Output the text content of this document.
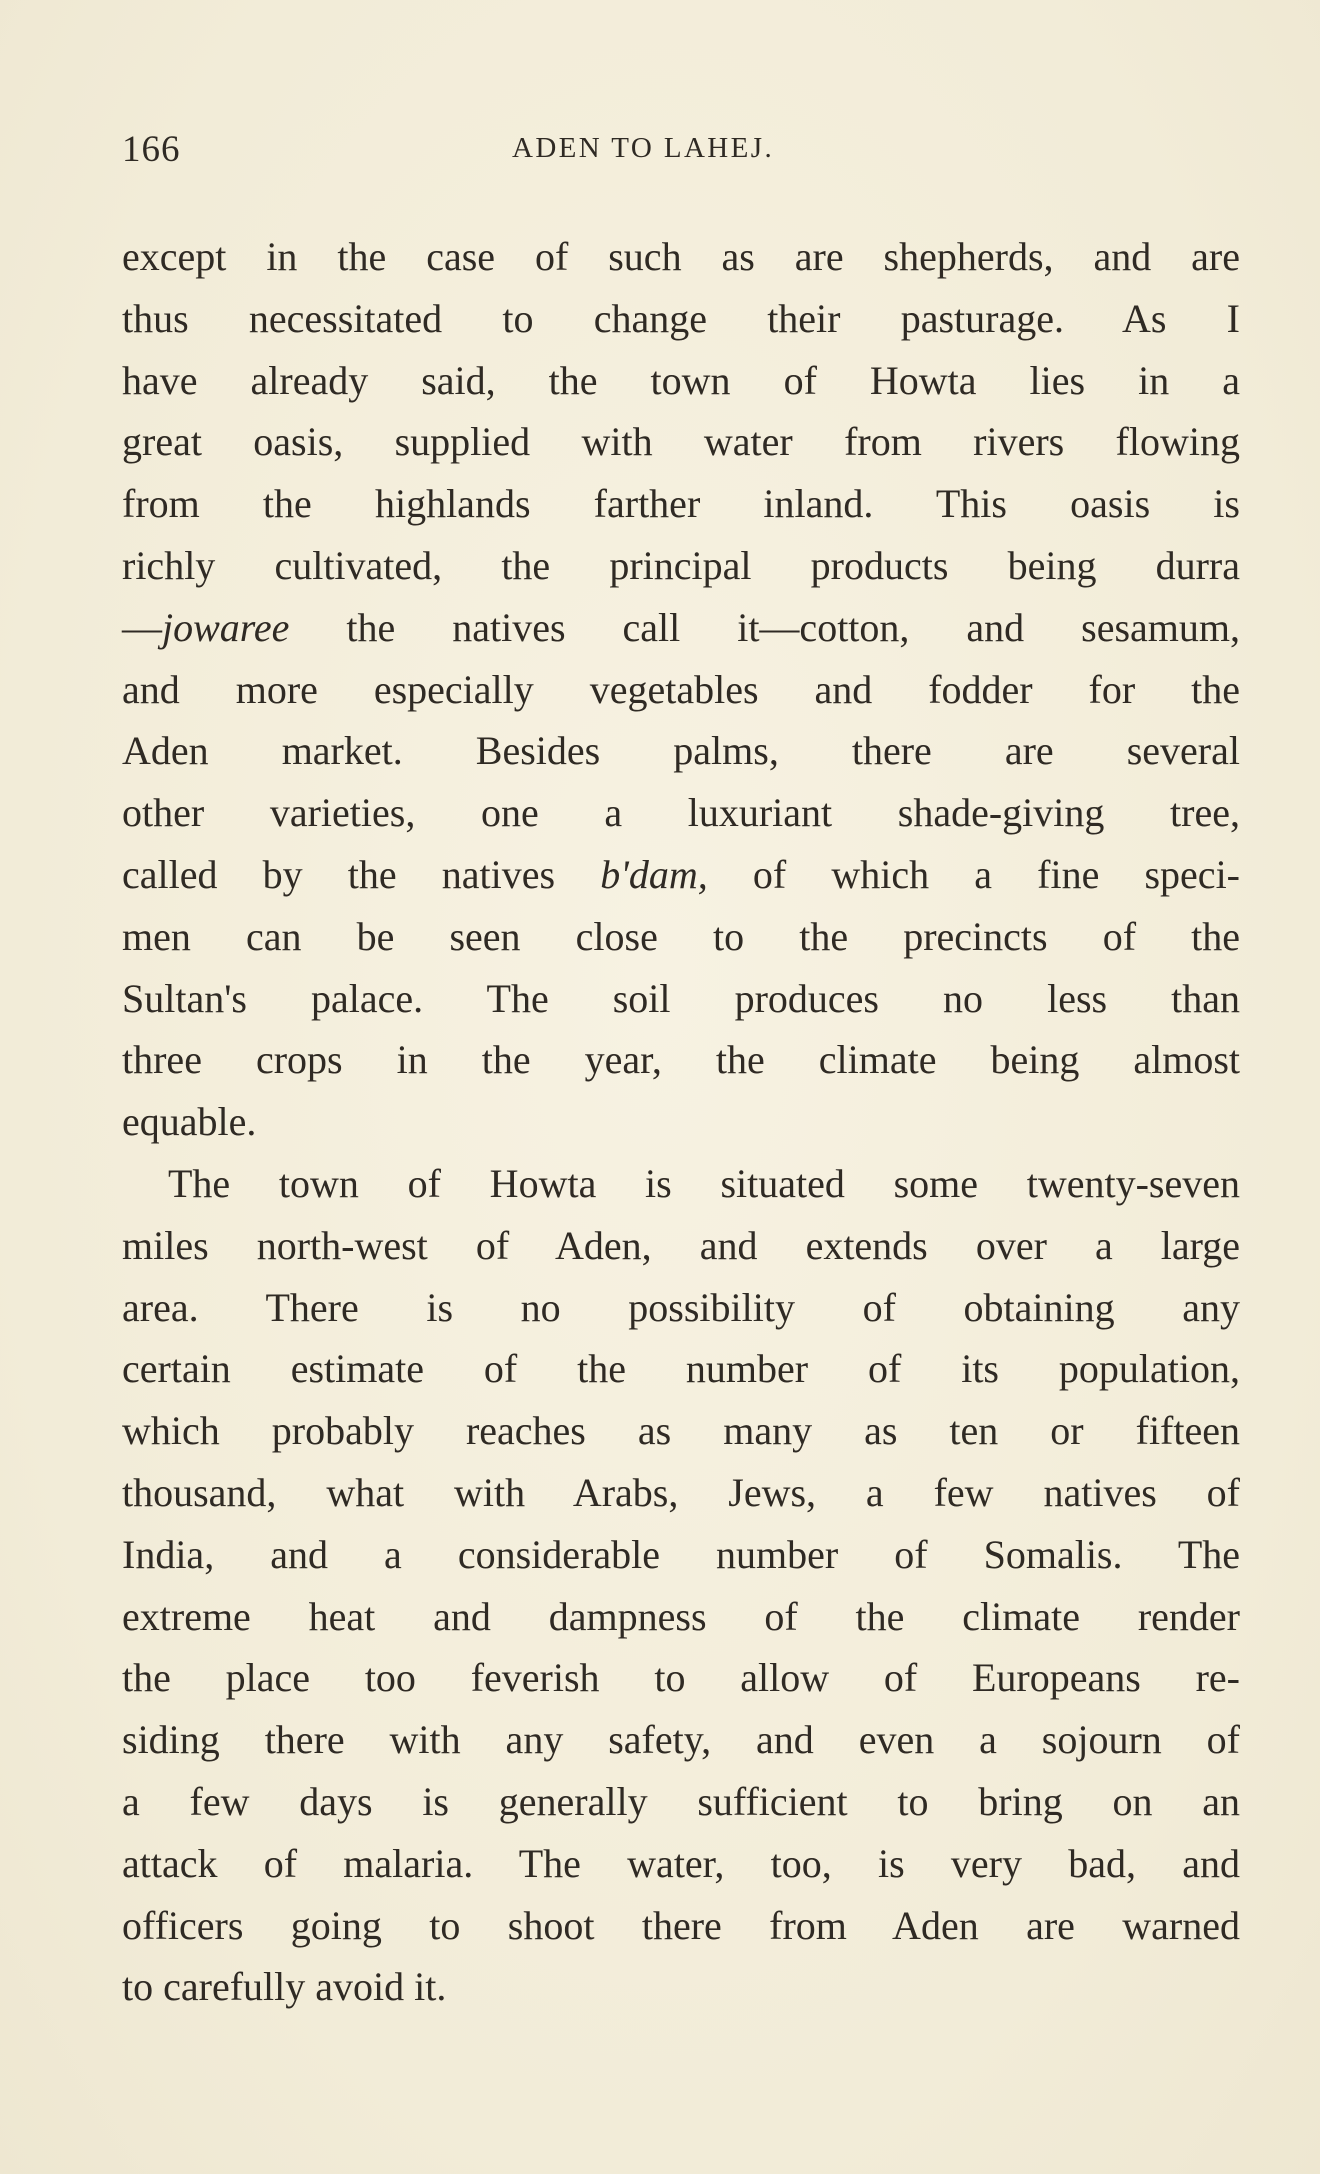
166	ADEN TO LAHEJ.
except in the case of such as are shepherds, and are
thus necessitated to change their pasturage. As I
have already said, the town of Howta lies in a
great oasis, supplied with water from rivers flowing
from the highlands farther inland. This oasis is
richly cultivated, the principal products being durra
—jowaree the natives call it—cotton, and sesamum,
and more especially vegetables and fodder for the
Aden market. Besides palms, there are several
other varieties, one a luxuriant shade-giving tree,
called by the natives b'dam, of which a fine speci-
men can be seen close to the precincts of the
Sultan's palace. The soil produces no less than
three crops in the year, the climate being almost
equable.
The town of Howta is situated some twenty-seven
miles north-west of Aden, and extends over a large
area. There is no possibility of obtaining any
certain estimate of the number of its population,
which probably reaches as many as ten or fifteen
thousand, what with Arabs, Jews, a few natives of
India, and a considerable number of Somalis. The
extreme heat and dampness of the climate render
the place too feverish to allow of Europeans re-
siding there with any safety, and even a sojourn of
a few days is generally sufficient to bring on an
attack of malaria. The water, too, is very bad, and
officers going to shoot there from Aden are warned
to carefully avoid it.
